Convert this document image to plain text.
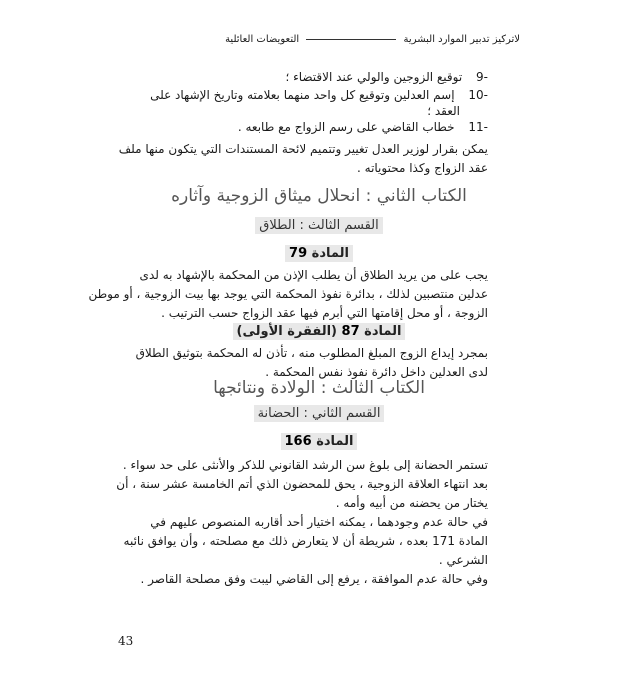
لاتركيز تدبير الموارد البشرية  التعويضات العائلية
-9 توقيع الزوجين والولي عند الاقتضاء ؛
-10 إسم العدلين وتوقيع كل واحد منهما بعلامته وتاريخ الإشهاد على
العقد ؛
-11 خطاب القاضي على رسم الزواج مع طابعه .
يمكن بقرار لوزير العدل تغيير وتتميم لائحة المستندات التي يتكون منها ملف
عقد الزواج وكذا محتوياته .
الكتاب الثاني : انحلال ميثاق الزوجية وآثاره
القسم الثالث : الطلاق
المادة 79
يجب على من يريد الطلاق أن يطلب الإذن من المحكمة بالإشهاد به لدى
عدلين منتصبين لذلك ، بدائرة نفوذ المحكمة التي يوجد بها بيت الزوجية ، أو موطن
الزوجة ، أو محل إقامتها التي أبرم فيها عقد الزواج حسب الترتيب .
المادة 87 (الفقرة الأولى)
بمجرد إيداع الزوج المبلغ المطلوب منه ، تأذن له المحكمة بتوثيق الطلاق
لدى العدلين داخل دائرة نفوذ نفس المحكمة .
الكتاب الثالث : الولادة ونتائجها
القسم الثاني : الحضانة
المادة 166
تستمر الحضانة إلى بلوغ سن الرشد القانوني للذكر والأنثى على حد سواء .
بعد انتهاء العلاقة الزوجية ، يحق للمحضون الذي أتم الخامسة عشر سنة ، أن
يختار من يحضنه من أبيه وأمه .
في حالة عدم وجودهما ، يمكنه اختيار أحد أقاربه المنصوص عليهم في
المادة 171 بعده ، شريطة أن لا يتعارض ذلك مع مصلحته ، وأن يوافق نائبه
الشرعي .
وفي حالة عدم الموافقة ، يرفع إلى القاضي ليبت وفق مصلحة القاصر .
43
